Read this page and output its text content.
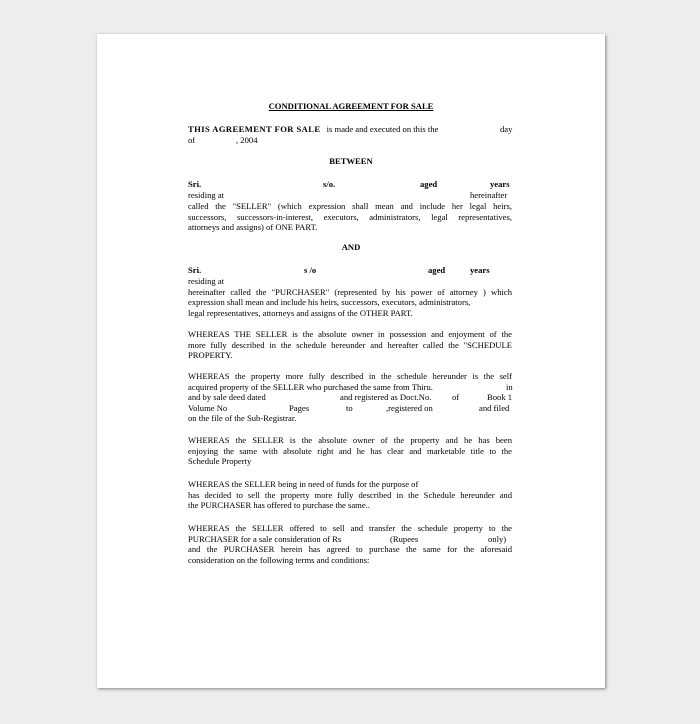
CONDITIONAL AGREEMENT FOR SALE
THIS AGREEMENT FOR SALE is made and executed on this the	day
of	, 2004
BETWEEN
Sri.	s/o.	aged	years
residing at	hereinafter
called the "SELLER" (which expression shall mean and include her legal heirs,
successors, successors-in-interest, executors, administrators, legal representatives,
attorneys and assigns) of ONE PART.
AND
Sri.	s /o	aged	years
residing at
hereinafter called the "PURCHASER" (represented by his power of attorney ) which
expression shall mean and include his heirs, successors, executors, administrators,
legal representatives, attorneys and assigns of the OTHER PART.
WHEREAS THE SELLER is the absolute owner in possession and enjoyment of the
more fully described in the schedule hereunder and hereafter called the "SCHEDULE
PROPERTY.
WHEREAS the property more fully described in the schedule hereunder is the self
acquired property of the SELLER who purchased the same from Thiru.	in
and by sale deed dated	and registered as Doct.No. of	Book 1
Volume No	Pages	to	,registered on	and filed
on the file of the Sub-Registrar.
WHEREAS the SELLER is the absolute owner of the property and he has been
enjoying the same with absolute right and he has clear and marketable title to the
Schedule Property
WHEREAS the SELLER being in need of funds for the purpose of
has decided to sell the property more fully described in the Schedule hereunder and
the PURCHASER has offered to purchase the same..
WHEREAS the SELLER offered to sell and transfer the schedule property to the
PURCHASER for a sale consideration of Rs	(Rupees	only)
and the PURCHASER herein has agreed to purchase the same for the aforesaid
consideration on the following terms and conditions:
